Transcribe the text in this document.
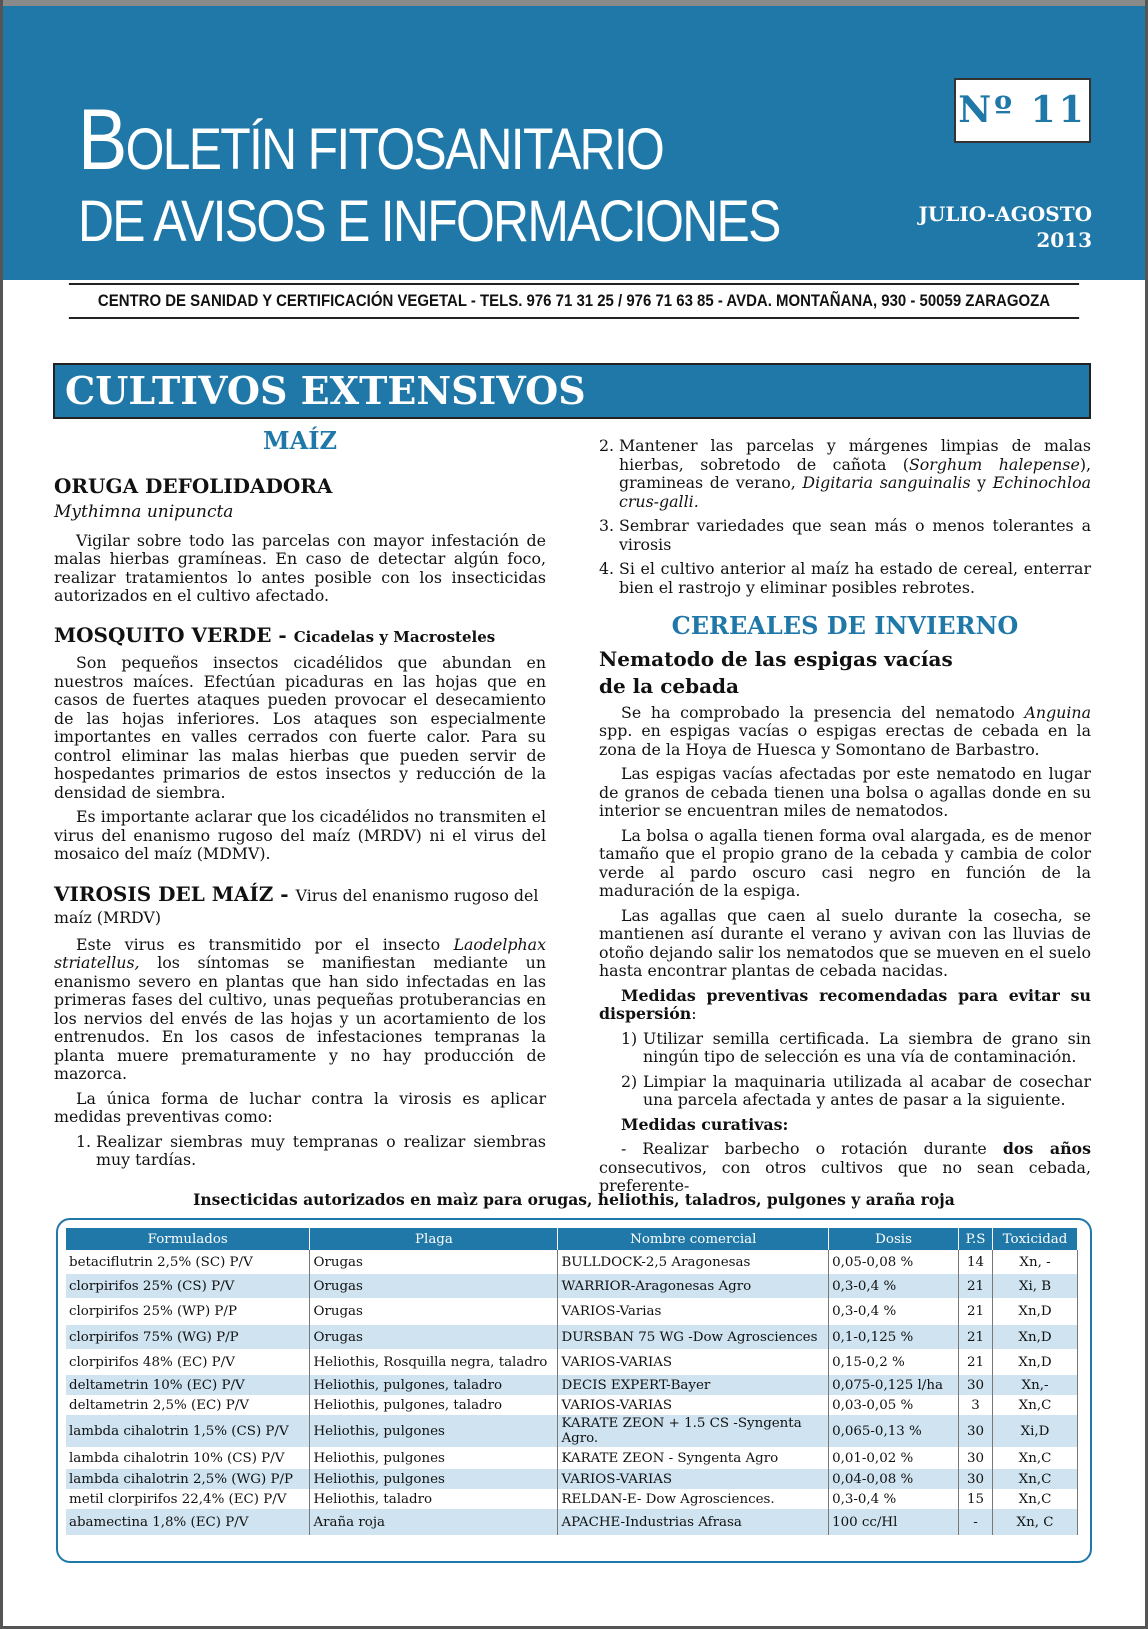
BOLETÍN FITOSANITARIO
DE AVISOS E INFORMACIONES
Nº 11
JULIO-AGOSTO
2013
CENTRO DE SANIDAD Y CERTIFICACIÓN VEGETAL - TELS. 976 71 31 25 / 976 71 63 85 - AVDA. MONTAÑANA, 930 - 50059 ZARAGOZA
CULTIVOS EXTENSIVOS
MAÍZ
ORUGA DEFOLIDADORA
Mythimna unipuncta

Vigilar sobre todo las parcelas con mayor infestación de malas hierbas gramíneas. En caso de detectar algún foco, realizar tratamientos lo antes posible con los insecticidas autorizados en el cultivo afectado.

MOSQUITO VERDE - Cicadelas y Macrosteles

Son pequeños insectos cicadélidos que abundan en nuestros maíces. Efectúan picaduras en las hojas que en casos de fuertes ataques pueden provocar el desecamiento de las hojas inferiores. Los ataques son especialmente importantes en valles cerrados con fuerte calor. Para su control eliminar las malas hierbas que pueden servir de hospedantes primarios de estos insectos y reducción de la densidad de siembra.

Es importante aclarar que los cicadélidos no transmiten el virus del enanismo rugoso del maíz (MRDV) ni el virus del mosaico del maíz (MDMV).

VIROSIS DEL MAÍZ - Virus del enanismo rugoso del maíz (MRDV)

Este virus es transmitido por el insecto Laodelphax striatellus, los síntomas se manifiestan mediante un enanismo severo en plantas que han sido infectadas en las primeras fases del cultivo, unas pequeñas protuberancias en los nervios del envés de las hojas y un acortamiento de los entrenudos. En los casos de infestaciones tempranas la planta muere prematuramente y no hay producción de mazorca.

La única forma de luchar contra la virosis es aplicar medidas preventivas como:

1. Realizar siembras muy tempranas o realizar siembras muy tardías.
2. Mantener las parcelas y márgenes limpias de malas hierbas, sobretodo de cañota (Sorghum halepense), gramineas de verano, Digitaria sanguinalis y Echinochloa crus-galli.
3. Sembrar variedades que sean más o menos tolerantes a virosis
4. Si el cultivo anterior al maíz ha estado de cereal, enterrar bien el rastrojo y eliminar posibles rebrotes.
CEREALES DE INVIERNO
Nematodo de las espigas vacías
de la cebada

Se ha comprobado la presencia del nematodo Anguina spp. en espigas vacías o espigas erectas de cebada en la zona de la Hoya de Huesca y Somontano de Barbastro.

Las espigas vacías afectadas por este nematodo en lugar de granos de cebada tienen una bolsa o agallas donde en su interior se encuentran miles de nematodos.

La bolsa o agalla tienen forma oval alargada, es de menor tamaño que el propio grano de la cebada y cambia de color verde al pardo oscuro casi negro en función de la maduración de la espiga.

Las agallas que caen al suelo durante la cosecha, se mantienen así durante el verano y avivan con las lluvias de otoño dejando salir los nematodos que se mueven en el suelo hasta encontrar plantas de cebada nacidas.

Medidas preventivas recomendadas para evitar su dispersión:

1) Utilizar semilla certificada. La siembra de grano sin ningún tipo de selección es una vía de contaminación.
2) Limpiar la maquinaria utilizada al acabar de cosechar una parcela afectada y antes de pasar a la siguiente.

Medidas curativas:

- Realizar barbecho o rotación durante dos años consecutivos, con otros cultivos que no sean cebada, preferente-

Insecticidas autorizados en maìz para orugas, heliothis, taladros, pulgones y araña roja
Formulados	Plaga	Nombre comercial	Dosis	P.S	Toxicidad
betaciflutrin 2,5% (SC) P/V	Orugas	BULLDOCK-2,5 Aragonesas	0,05-0,08 %	14	Xn, -
clorpirifos 25% (CS) P/V	Orugas	WARRIOR-Aragonesas Agro	0,3-0,4 %	21	Xi, B
clorpirifos 25% (WP) P/P	Orugas	VARIOS-Varias	0,3-0,4 %	21	Xn,D
clorpirifos 75% (WG) P/P	Orugas	DURSBAN 75 WG -Dow Agrosciences	0,1-0,125 %	21	Xn,D
clorpirifos 48% (EC) P/V	Heliothis, Rosquilla negra, taladro	VARIOS-VARIAS	0,15-0,2 %	21	Xn,D
deltametrin 10% (EC) P/V	Heliothis, pulgones, taladro	DECIS EXPERT-Bayer	0,075-0,125 l/ha	30	Xn,-
deltametrin 2,5% (EC) P/V	Heliothis, pulgones, taladro	VARIOS-VARIAS	0,03-0,05 %	3	Xn,C
lambda cihalotrin 1,5% (CS) P/V	Heliothis, pulgones	KARATE ZEON + 1.5 CS -Syngenta Agro.	0,065-0,13 %	30	Xi,D
lambda cihalotrin 10% (CS) P/V	Heliothis, pulgones	KARATE ZEON - Syngenta Agro	0,01-0,02 %	30	Xn,C
lambda cihalotrin 2,5% (WG) P/P	Heliothis, pulgones	VARIOS-VARIAS	0,04-0,08 %	30	Xn,C
metil clorpirifos 22,4% (EC) P/V	Heliothis, taladro	RELDAN-E- Dow Agrosciences.	0,3-0,4 %	15	Xn,C
abamectina 1,8% (EC) P/V	Araña roja	APACHE-Industrias Afrasa	100 cc/Hl	-	Xn, C
